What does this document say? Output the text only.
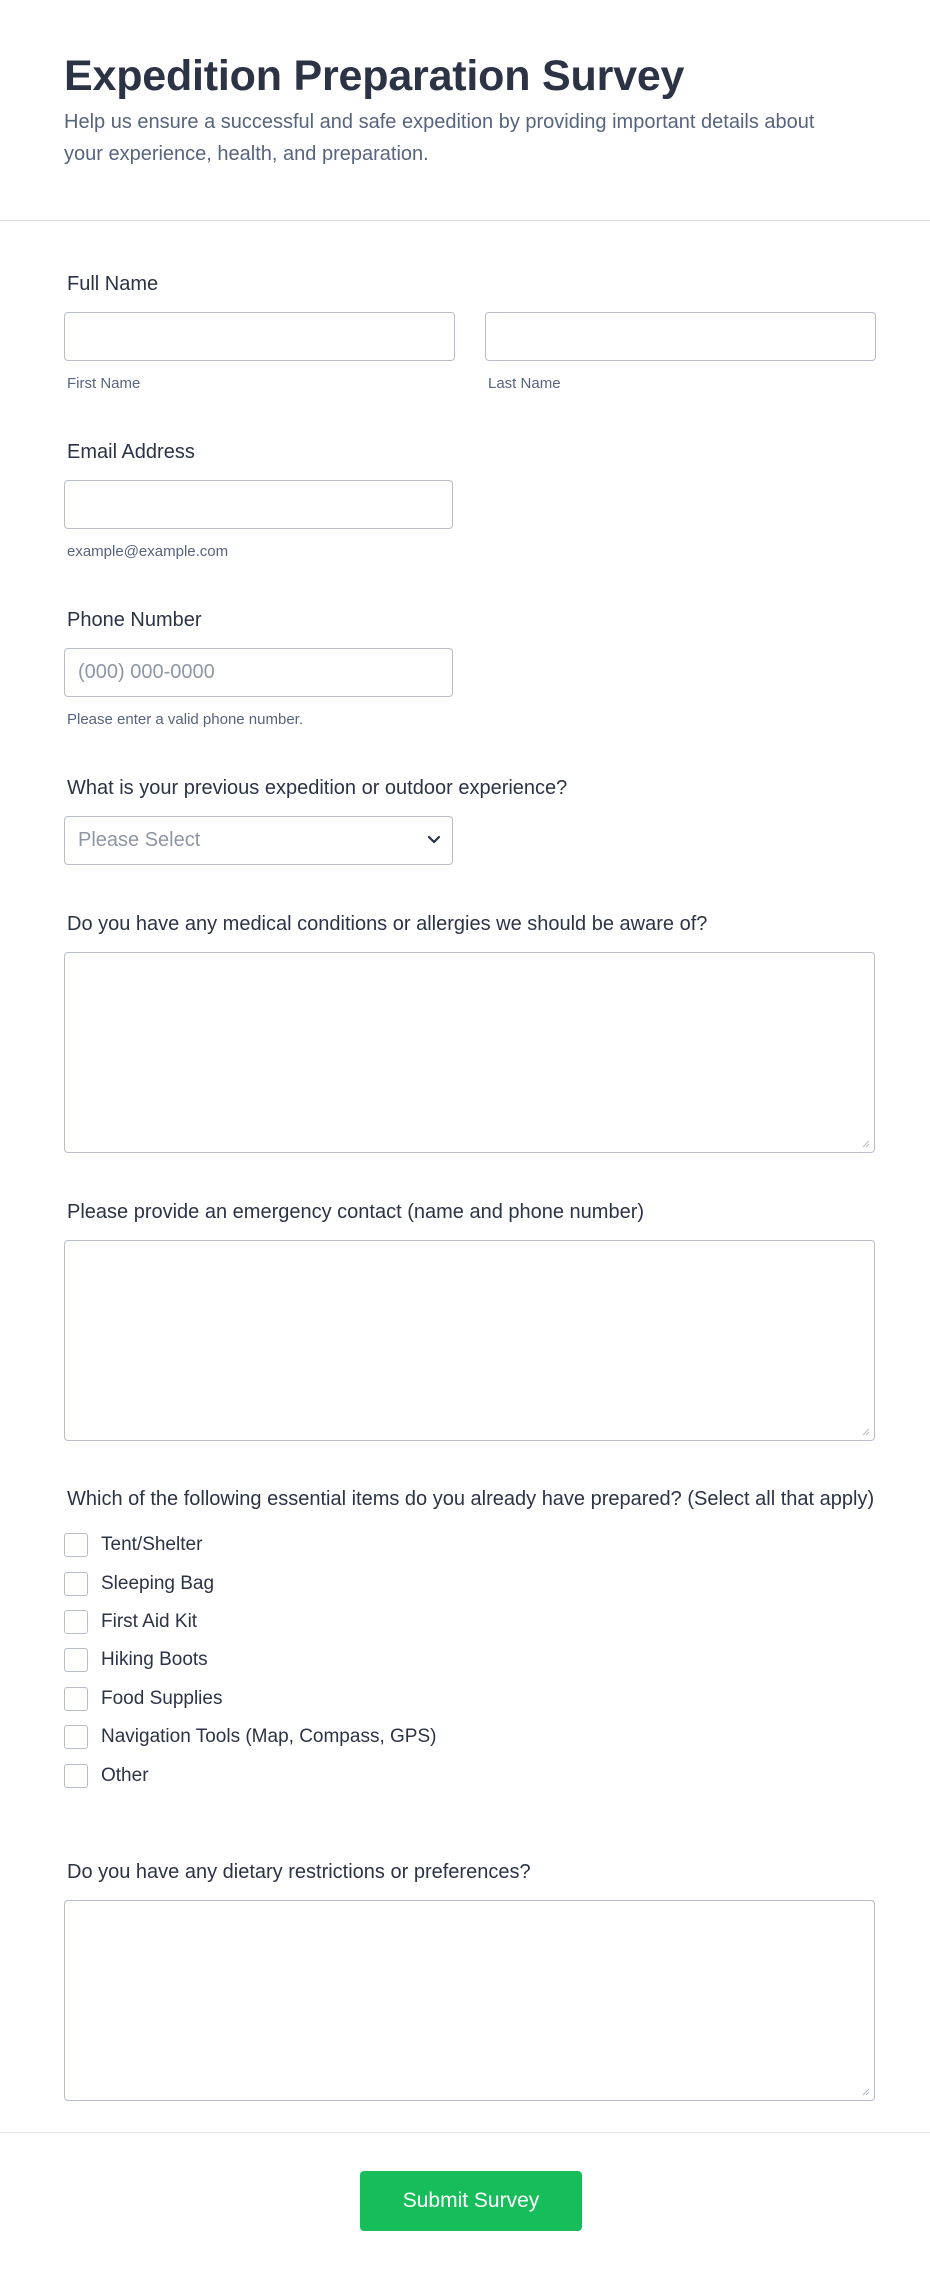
Expedition Preparation Survey

Help us ensure a successful and safe expedition by providing important details about your experience, health, and preparation.

Full Name
First Name	Last Name
Email Address
example@example.com
Phone Number
(000) 000-0000
Please enter a valid phone number.
What is your previous expedition or outdoor experience?
Please Select
Do you have any medical conditions or allergies we should be aware of?
Please provide an emergency contact (name and phone number)
Which of the following essential items do you already have prepared? (Select all that apply)
Tent/Shelter
Sleeping Bag
First Aid Kit
Hiking Boots
Food Supplies
Navigation Tools (Map, Compass, GPS)
Other
Do you have any dietary restrictions or preferences?
Submit Survey
